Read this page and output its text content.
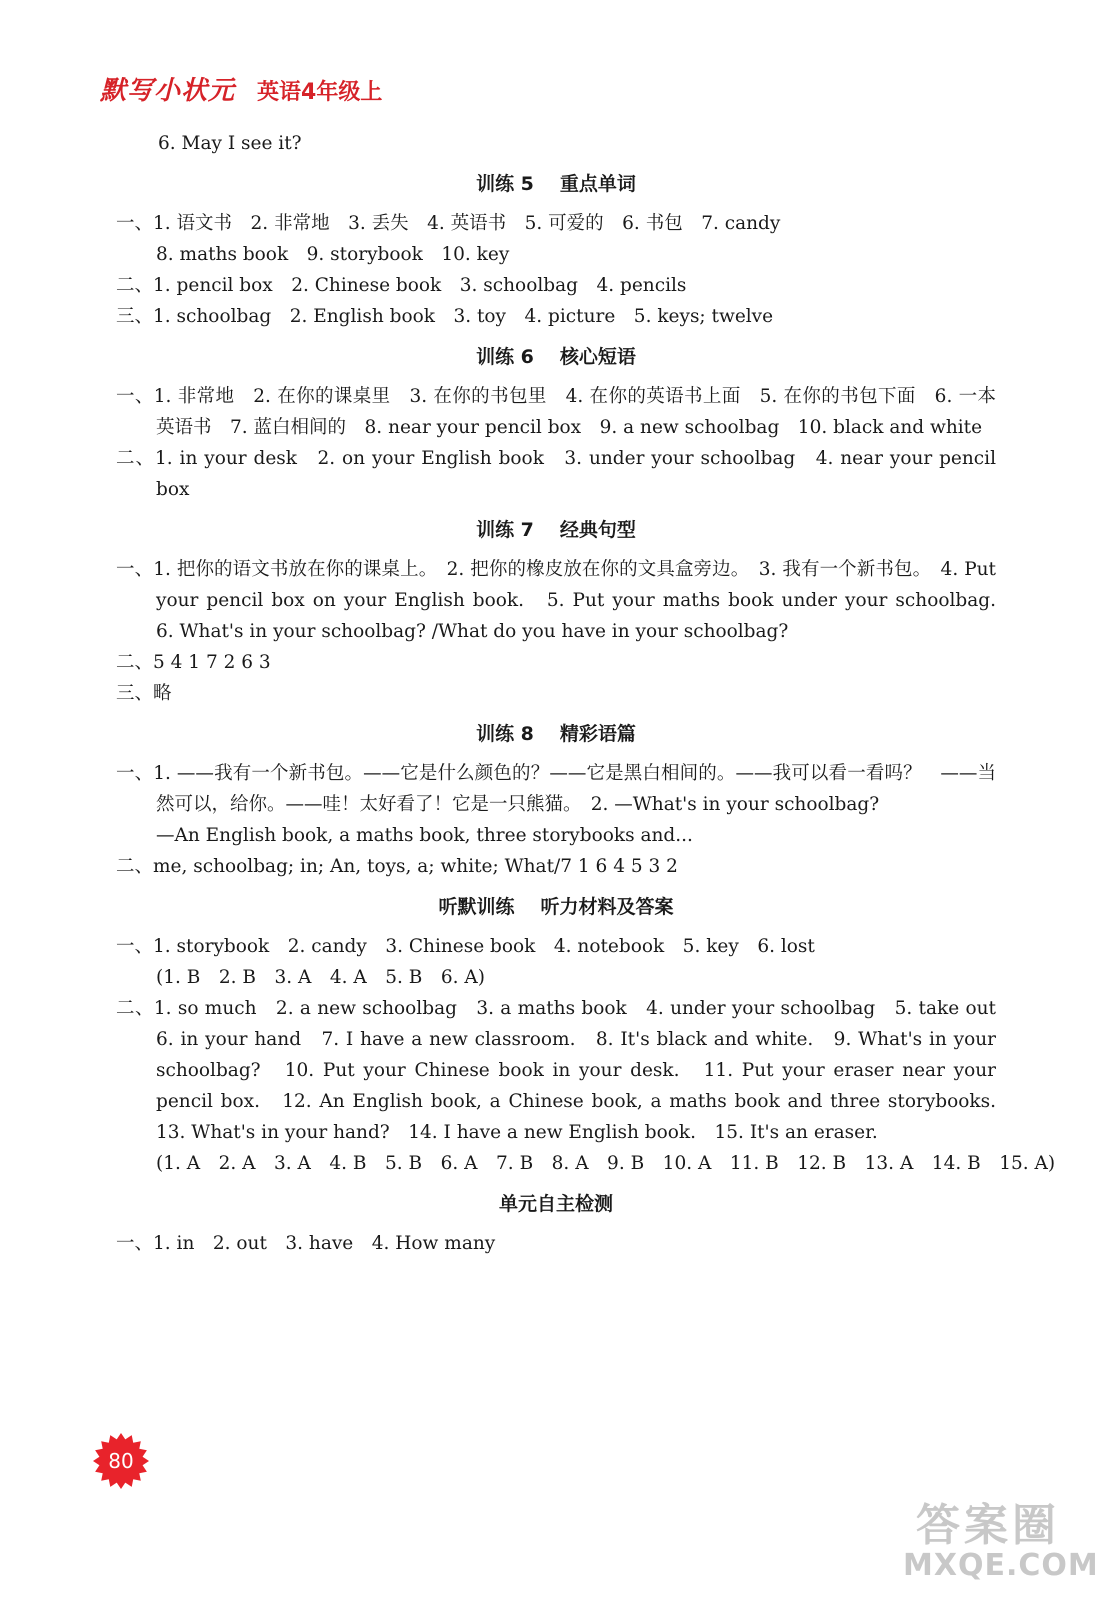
默写小状元 英语4年级上
6. May I see it?
训练 5 重点单词
一、1. 语文书　2. 非常地　3. 丢失　4. 英语书　5. 可爱的　6. 书包　7. candy
8. maths book　9. storybook　10. key
二、1. pencil box　2. Chinese book　3. schoolbag　4. pencils
三、1. schoolbag　2. English book　3. toy　4. picture　5. keys; twelve
训练 6 核心短语
一、1. 非常地　2. 在你的课桌里　3. 在你的书包里　4. 在你的英语书上面　5. 在你的书包下面　6. 一本英语书　7. 蓝白相间的　8. near your pencil box　9. a new schoolbag　10. black and white
二、1. in your desk　2. on your English book　3. under your schoolbag　4. near your pencil box
训练 7 经典句型
一、1. 把你的语文书放在你的课桌上。　2. 把你的橡皮放在你的文具盒旁边。　3. 我有一个新书包。　4. Put your pencil box on your English book.　5. Put your maths book under your schoolbag.　6. What's in your schoolbag? /What do you have in your schoolbag?
二、5 4 1 7 2 6 3
三、略
训练 8 精彩语篇
一、1. ——我有一个新书包。——它是什么颜色的？——它是黑白相间的。——我可以看一看吗？　——当然可以，给你。——哇！太好看了！它是一只熊猫。　2. —What's in your schoolbag?
—An English book, a maths book, three storybooks and...
二、me, schoolbag; in; An, toys, a; white; What/7 1 6 4 5 3 2
听默训练 听力材料及答案
一、1. storybook　2. candy　3. Chinese book　4. notebook　5. key　6. lost
(1. B　2. B　3. A　4. A　5. B　6. A)
二、1. so much　2. a new schoolbag　3. a maths book　4. under your schoolbag　5. take out　6. in your hand　7. I have a new classroom.　8. It's black and white.　9. What's in your schoolbag?　10. Put your Chinese book in your desk.　11. Put your eraser near your pencil box.　12. An English book, a Chinese book, a maths book and three storybooks.　13. What's in your hand?　14. I have a new English book.　15. It's an eraser.
(1. A　2. A　3. A　4. B　5. B　6. A　7. B　8. A　9. B　10. A　11. B　12. B　13. A　14. B　15. A)
单元自主检测
一、1. in　2. out　3. have　4. How many
80
答案圈
MXQE.COM
